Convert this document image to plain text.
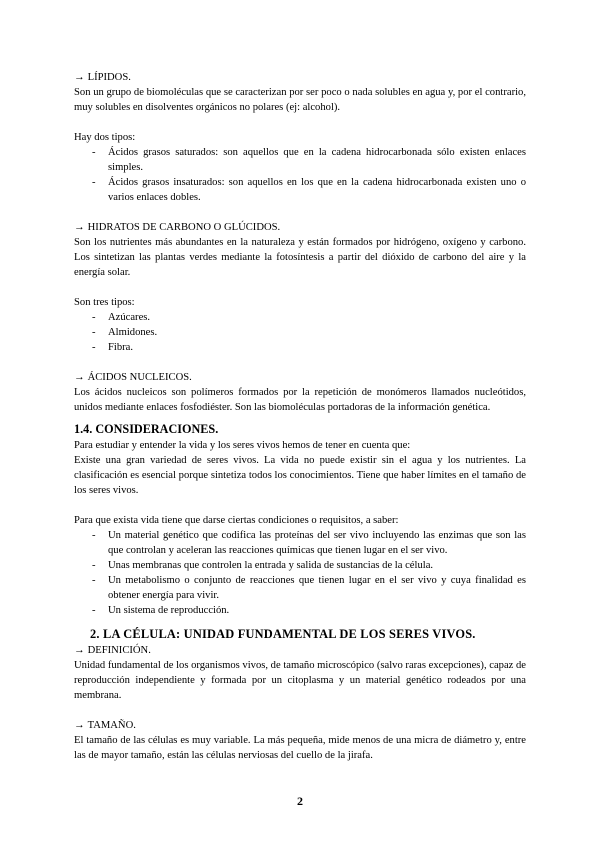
→ LÍPIDOS.

Son un grupo de biomoléculas que se caracterizan por ser poco o nada solubles en agua y, por el contrario, muy solubles en disolventes orgánicos no polares (ej: alcohol).

Hay dos tipos:

- Ácidos grasos saturados: son aquellos que en la cadena hidrocarbonada sólo existen enlaces simples.
- Ácidos grasos insaturados: son aquellos en los que en la cadena hidrocarbonada existen uno o varios enlaces dobles.
→ HIDRATOS DE CARBONO O GLÚCIDOS.

Son los nutrientes más abundantes en la naturaleza y están formados por hidrógeno, oxígeno y carbono. Los sintetizan las plantas verdes mediante la fotosíntesis a partir del dióxido de carbono del aire y la energía solar.

Son tres tipos:

- Azúcares.
- Almidones.
- Fibra.
→ ÁCIDOS NUCLEICOS.

Los ácidos nucleicos son polímeros formados por la repetición de monómeros llamados nucleótidos, unidos mediante enlaces fosfodiéster. Son las biomoléculas portadoras de la información genética.

1.4. CONSIDERACIONES.

Para estudiar y entender la vida y los seres vivos hemos de tener en cuenta que:

Existe una gran variedad de seres vivos. La vida no puede existir sin el agua y los nutrientes. La clasificación es esencial porque sintetiza todos los conocimientos. Tiene que haber límites en el tamaño de los seres vivos.

Para que exista vida tiene que darse ciertas condiciones o requisitos, a saber:

- Un material genético que codifica las proteínas del ser vivo incluyendo las enzimas que son las que controlan y aceleran las reacciones químicas que tienen lugar en el ser vivo.
- Unas membranas que controlen la entrada y salida de sustancias de la célula.
- Un metabolismo o conjunto de reacciones que tienen lugar en el ser vivo y cuya finalidad es obtener energía para vivir.
- Un sistema de reproducción.
2. LA CÉLULA: UNIDAD FUNDAMENTAL DE LOS SERES VIVOS.
→ DEFINICIÓN.

Unidad fundamental de los organismos vivos, de tamaño microscópico (salvo raras excepciones), capaz de reproducción independiente y formada por un citoplasma y un material genético rodeados por una membrana.

→ TAMAÑO.

El tamaño de las células es muy variable. La más pequeña, mide menos de una micra de diámetro y, entre las de mayor tamaño, están las células nerviosas del cuello de la jirafa.

2
